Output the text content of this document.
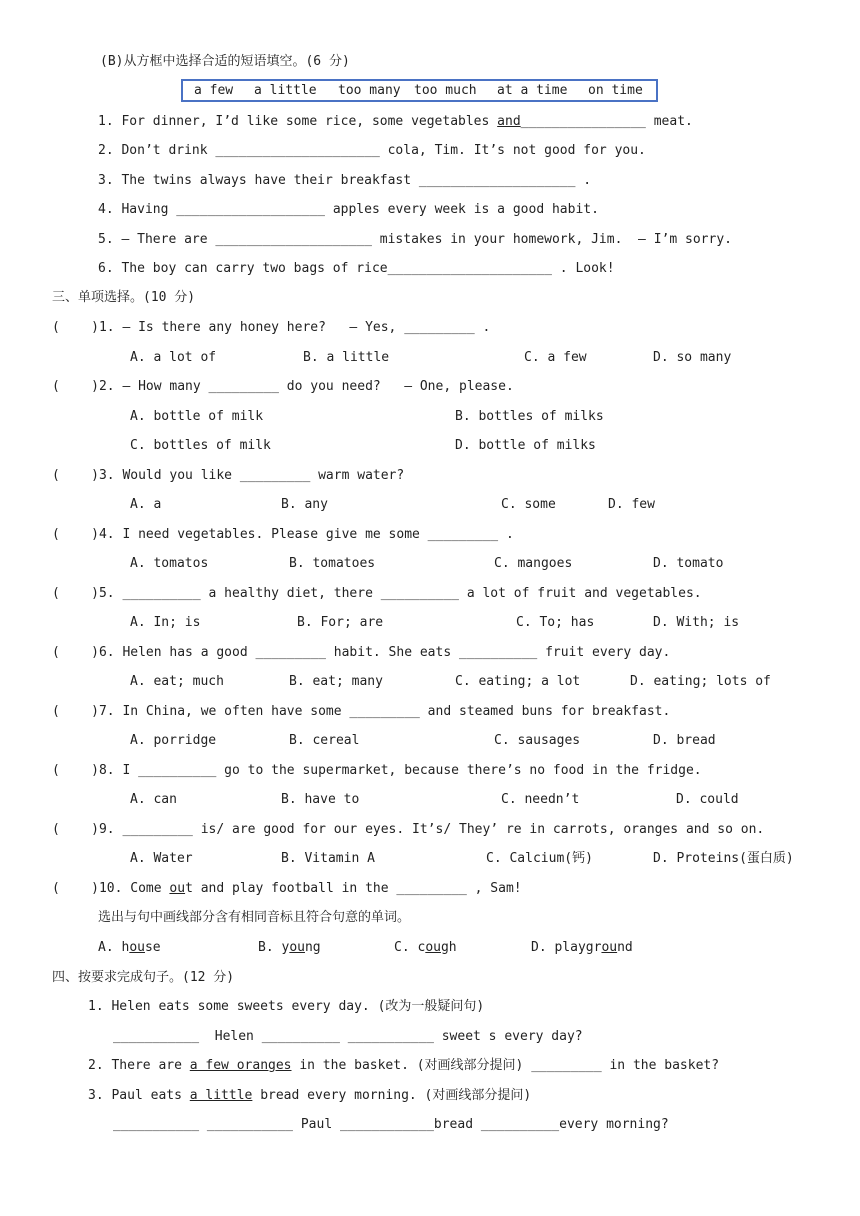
(B)从方框中选择合适的短语填空。(6 分)
a few a little too many too much at a time on time
1. For dinner, I’d like some rice, some vegetables and________________ meat.
2. Don’t drink _____________________ cola, Tim. It’s not good for you.
3. The twins always have their breakfast ____________________ .
4. Having ___________________ apples every week is a good habit.
5. — There are ____________________ mistakes in your homework, Jim.  — I’m sorry.
6. The boy can carry two bags of rice_____________________ . Look!
三、单项选择。(10 分)
(    )1. — Is there any honey here?   — Yes, _________ .
A. a lot of	B. a little	C. a few	D. so many
(    )2. — How many _________ do you need?   — One, please.
A. bottle of milk	B. bottles of milks
C. bottles of milk	D. bottle of milks
(    )3. Would you like _________ warm water?
A. a	B. any	C. some	D. few
(    )4. I need vegetables. Please give me some _________ .
A. tomatos	B. tomatoes	C. mangoes	D. tomato
(    )5. __________ a healthy diet, there __________ a lot of fruit and vegetables.
A. In; is	B. For; are	C. To; has	D. With; is
(    )6. Helen has a good _________ habit. She eats __________ fruit every day.
A. eat; much	B. eat; many	C. eating; a lot	D. eating; lots of
(    )7. In China, we often have some _________ and steamed buns for breakfast.
A. porridge	B. cereal	C. sausages	D. bread
(    )8. I __________ go to the supermarket, because there’s no food in the fridge.
A. can	B. have to	C. needn’t	D. could
(    )9. _________ is/ are good for our eyes. It’s/ They’ re in carrots, oranges and so on.
A. Water	B. Vitamin A	C. Calcium(钙)	D. Proteins(蛋白质)
(    )10. Come out and play football in the _________ , Sam!
选出与句中画线部分含有相同音标且符合句意的单词。
A. house	B. young	C. cough	D. playground
四、按要求完成句子。(12 分)
1. Helen eats some sweets every day. (改为一般疑问句)
___________  Helen __________ ___________ sweet s every day?
2. There are a few oranges in the basket. (对画线部分提问) _________ in the basket?
3. Paul eats a little bread every morning. (对画线部分提问)
___________ ___________ Paul ____________bread __________every morning?
